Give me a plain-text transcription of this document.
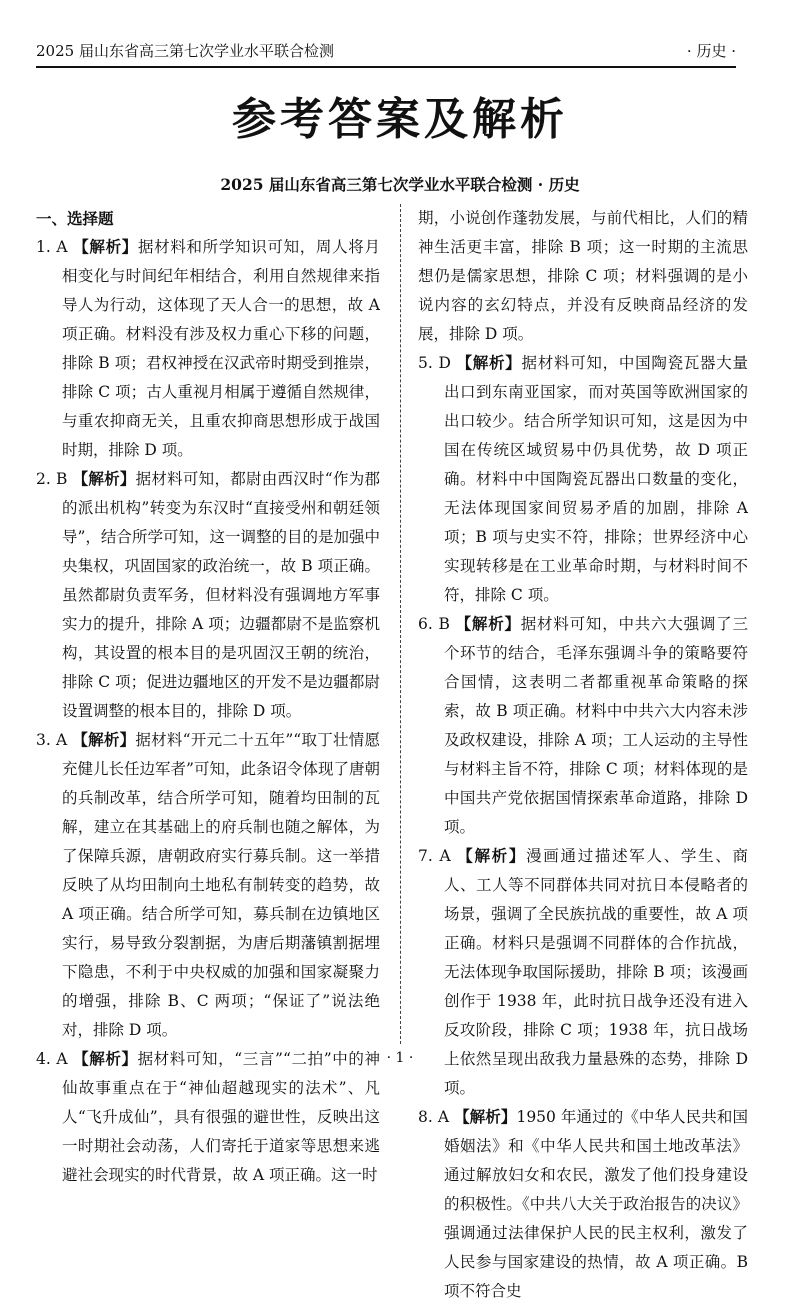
2025 届山东省高三第七次学业水平联合检测	· 历史 ·
参考答案及解析
2025 届山东省高三第七次学业水平联合检测 · 历史
一、选择题

1. A 【解析】据材料和所学知识可知，周人将月相变化与时间纪年相结合，利用自然规律来指导人为行动，这体现了天人合一的思想，故 A 项正确。材料没有涉及权力重心下移的问题，排除 B 项；君权神授在汉武帝时期受到推崇，排除 C 项；古人重视月相属于遵循自然规律，与重农抑商无关，且重农抑商思想形成于战国时期，排除 D 项。

2. B 【解析】据材料可知，都尉由西汉时“作为郡的派出机构”转变为东汉时“直接受州和朝廷领导”，结合所学可知，这一调整的目的是加强中央集权，巩固国家的政治统一，故 B 项正确。虽然都尉负责军务，但材料没有强调地方军事实力的提升，排除 A 项；边疆都尉不是监察机构，其设置的根本目的是巩固汉王朝的统治，排除 C 项；促进边疆地区的开发不是边疆都尉设置调整的根本目的，排除 D 项。

3. A 【解析】据材料“开元二十五年”“取丁壮情愿充健儿长任边军者”可知，此条诏令体现了唐朝的兵制改革，结合所学可知，随着均田制的瓦解，建立在其基础上的府兵制也随之解体，为了保障兵源，唐朝政府实行募兵制。这一举措反映了从均田制向土地私有制转变的趋势，故 A 项正确。结合所学可知，募兵制在边镇地区实行，易导致分裂割据，为唐后期藩镇割据埋下隐患，不利于中央权威的加强和国家凝聚力的增强，排除 B、C 两项；“保证了”说法绝对，排除 D 项。

4. A 【解析】据材料可知，“三言”“二拍”中的神仙故事重点在于“神仙超越现实的法术”、凡人“飞升成仙”，具有很强的避世性，反映出这一时期社会动荡，人们寄托于道家等思想来逃避社会现实的时代背景，故 A 项正确。这一时

期，小说创作蓬勃发展，与前代相比，人们的精神生活更丰富，排除 B 项；这一时期的主流思想仍是儒家思想，排除 C 项；材料强调的是小说内容的玄幻特点，并没有反映商品经济的发展，排除 D 项。

5. D 【解析】据材料可知，中国陶瓷瓦器大量出口到东南亚国家，而对英国等欧洲国家的出口较少。结合所学知识可知，这是因为中国在传统区域贸易中仍具优势，故 D 项正确。材料中中国陶瓷瓦器出口数量的变化，无法体现国家间贸易矛盾的加剧，排除 A 项；B 项与史实不符，排除；世界经济中心实现转移是在工业革命时期，与材料时间不符，排除 C 项。

6. B 【解析】据材料可知，中共六大强调了三个环节的结合，毛泽东强调斗争的策略要符合国情，这表明二者都重视革命策略的探索，故 B 项正确。材料中中共六大内容未涉及政权建设，排除 A 项；工人运动的主导性与材料主旨不符，排除 C 项；材料体现的是中国共产党依据国情探索革命道路，排除 D 项。

7. A 【解析】漫画通过描述军人、学生、商人、工人等不同群体共同对抗日本侵略者的场景，强调了全民族抗战的重要性，故 A 项正确。材料只是强调不同群体的合作抗战，无法体现争取国际援助，排除 B 项；该漫画创作于 1938 年，此时抗日战争还没有进入反攻阶段，排除 C 项；1938 年，抗日战场上依然呈现出敌我力量悬殊的态势，排除 D 项。

8. A 【解析】1950 年通过的《中华人民共和国婚姻法》和《中华人民共和国土地改革法》通过解放妇女和农民，激发了他们投身建设的积极性。《中共八大关于政治报告的决议》强调通过法律保护人民的民主权利，激发了人民参与国家建设的热情，故 A 项正确。B 项不符合史

· 1 ·
